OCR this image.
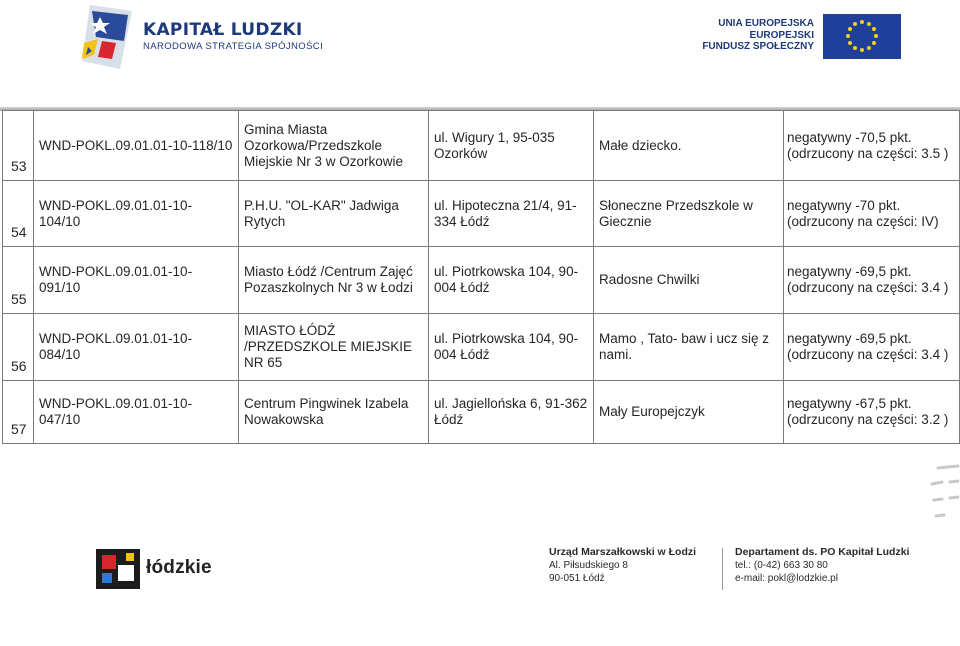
KAPITAŁ LUDZKI
NARODOWA STRATEGIA SPÓJNOŚCI
UNIA EUROPEJSKA
EUROPEJSKI
FUNDUSZ SPOŁECZNY
53	WND-POKL.09.01.01-10-118/10	Gmina Miasta Ozorkowa/Przedszkole Miejskie Nr 3 w Ozorkowie	ul. Wigury 1, 95-035 Ozorków	Małe dziecko.	negatywny -70,5 pkt.(odrzucony na części: 3.5 )
54	WND-POKL.09.01.01-10-104/10	P.H.U. "OL-KAR" Jadwiga Rytych	ul. Hipoteczna 21/4, 91-334 Łódź	Słoneczne Przedszkole w Giecznie	negatywny -70 pkt.(odrzucony na części: IV)
55	WND-POKL.09.01.01-10-091/10	Miasto Łódź /Centrum Zajęć Pozaszkolnych Nr 3 w Łodzi	ul. Piotrkowska 104, 90-004 Łódź	Radosne Chwilki	negatywny -69,5 pkt.(odrzucony na części: 3.4 )
56	WND-POKL.09.01.01-10-084/10	MIASTO ŁÓDŹ /PRZEDSZKOLE MIEJSKIE NR 65	ul. Piotrkowska 104, 90-004 Łódź	Mamo , Tato- baw i ucz się z nami.	negatywny -69,5 pkt.(odrzucony na części: 3.4 )
57	WND-POKL.09.01.01-10-047/10	Centrum Pingwinek Izabela Nowakowska	ul. Jagiellońska 6, 91-362 Łódź	Mały Europejczyk	negatywny -67,5 pkt.(odrzucony na części: 3.2 )
łódzkie
Urząd Marszałkowski w Łodzi
Al. Piłsudskiego 8
90-051 Łódź
Departament ds. PO Kapitał Ludzki
tel.: (0-42) 663 30 80
e-mail: pokl@lodzkie.pl
